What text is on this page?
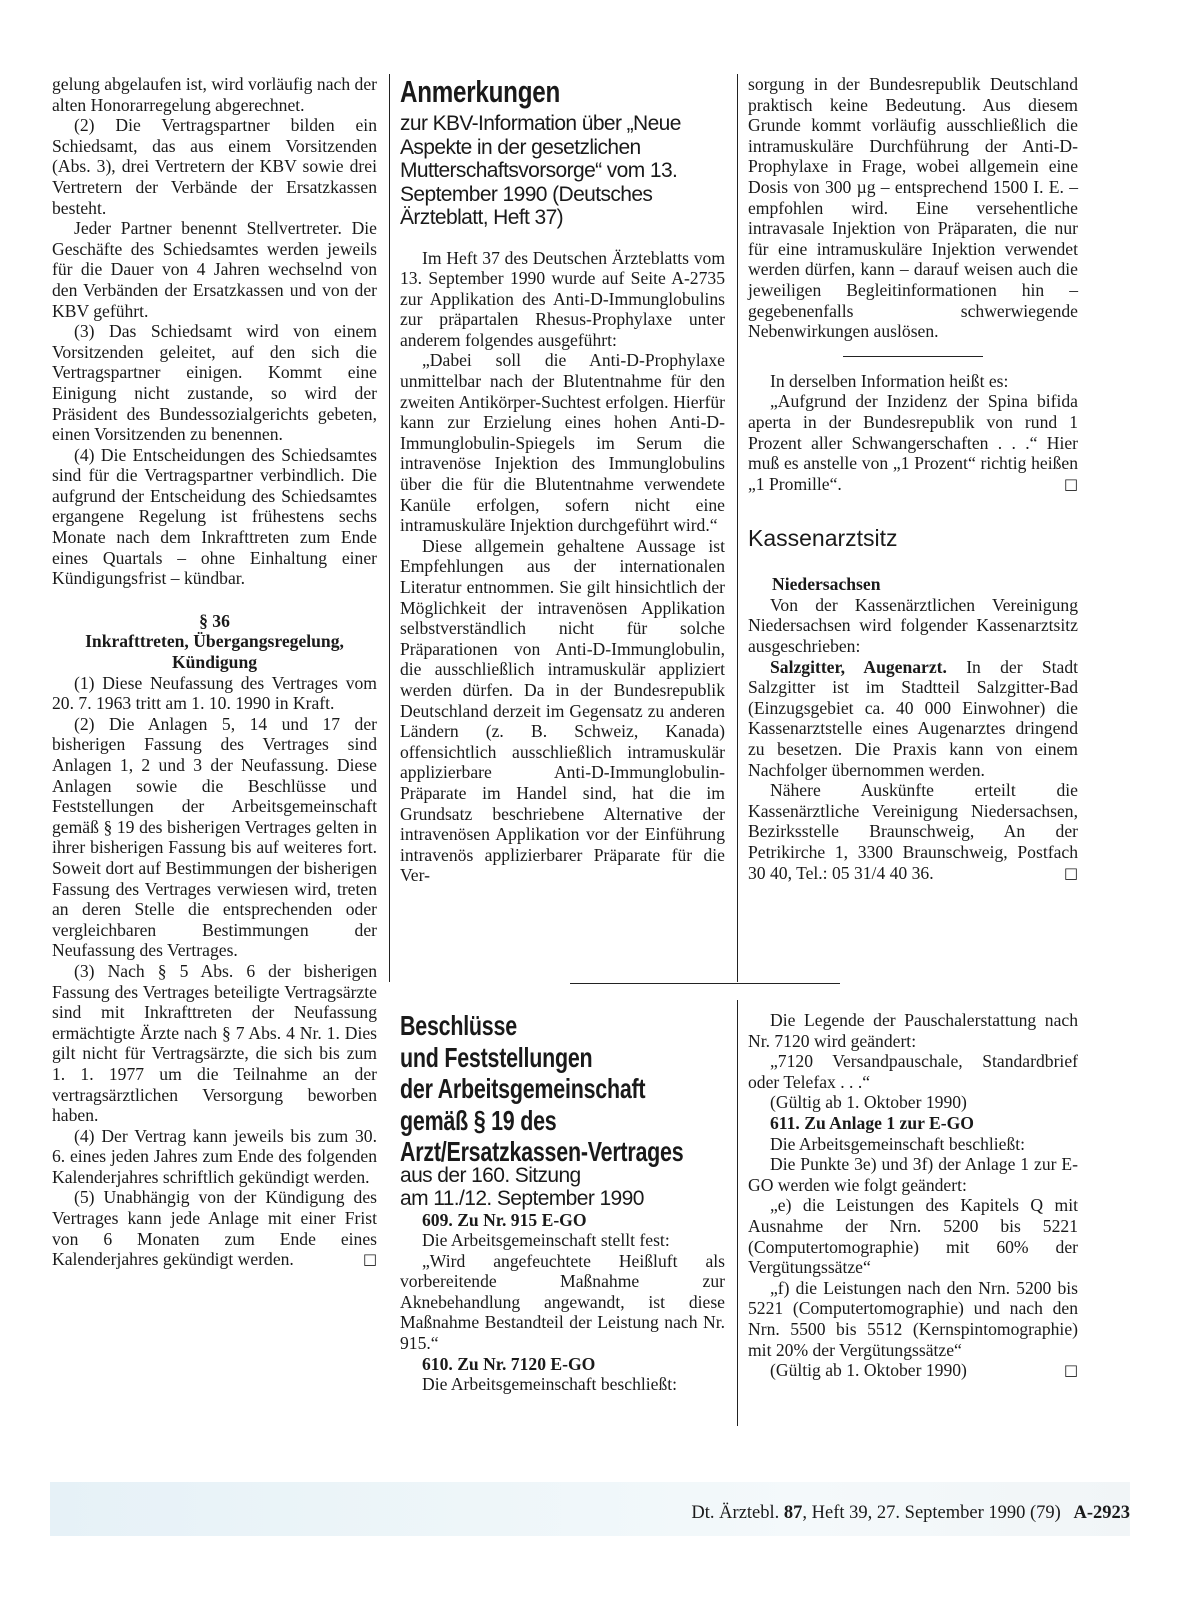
gelung abgelaufen ist, wird vorläufig nach der alten Honorarregelung abgerechnet.

(2) Die Vertragspartner bilden ein Schiedsamt, das aus einem Vorsitzenden (Abs. 3), drei Vertretern der KBV sowie drei Vertretern der Verbände der Ersatzkassen besteht.

Jeder Partner benennt Stellvertreter. Die Geschäfte des Schiedsamtes werden jeweils für die Dauer von 4 Jahren wechselnd von den Verbänden der Ersatzkassen und von der KBV geführt.

(3) Das Schiedsamt wird von einem Vorsitzenden geleitet, auf den sich die Vertragspartner einigen. Kommt eine Einigung nicht zustande, so wird der Präsident des Bundessozialgerichts gebeten, einen Vorsitzenden zu benennen.

(4) Die Entscheidungen des Schiedsamtes sind für die Vertragspartner verbindlich. Die aufgrund der Entscheidung des Schiedsamtes ergangene Regelung ist frühestens sechs Monate nach dem Inkrafttreten zum Ende eines Quartals – ohne Einhaltung einer Kündigungsfrist – kündbar.

§ 36

Inkrafttreten, Übergangsregelung, Kündigung

(1) Diese Neufassung des Vertrages vom 20. 7. 1963 tritt am 1. 10. 1990 in Kraft.

(2) Die Anlagen 5, 14 und 17 der bisherigen Fassung des Vertrages sind Anlagen 1, 2 und 3 der Neufassung. Diese Anlagen sowie die Beschlüsse und Feststellungen der Arbeitsgemeinschaft gemäß § 19 des bisherigen Vertrages gelten in ihrer bisherigen Fassung bis auf weiteres fort. Soweit dort auf Bestimmungen der bisherigen Fassung des Vertrages verwiesen wird, treten an deren Stelle die entsprechenden oder vergleichbaren Bestimmungen der Neufassung des Vertrages.

(3) Nach § 5 Abs. 6 der bisherigen Fassung des Vertrages beteiligte Vertragsärzte sind mit Inkrafttreten der Neufassung ermächtigte Ärzte nach § 7 Abs. 4 Nr. 1. Dies gilt nicht für Vertragsärzte, die sich bis zum 1. 1. 1977 um die Teilnahme an der vertragsärztlichen Versorgung beworben haben.

(4) Der Vertrag kann jeweils bis zum 30. 6. eines jeden Jahres zum Ende des folgenden Kalenderjahres schriftlich gekündigt werden.

(5) Unabhängig von der Kündigung des Vertrages kann jede Anlage mit einer Frist von 6 Monaten zum Ende eines Kalenderjahres gekündigt werden.	□

Anmerkungen
zur KBV-Information über „Neue Aspekte in der gesetzlichen Mutterschaftsvorsorge“ vom 13. September 1990 (Deutsches Ärzteblatt, Heft 37)

Im Heft 37 des Deutschen Ärzteblatts vom 13. September 1990 wurde auf Seite A-2735 zur Applikation des Anti-D-Immunglobulins zur präpartalen Rhesus-Prophylaxe unter anderem folgendes ausgeführt:

„Dabei soll die Anti-D-Prophylaxe unmittelbar nach der Blutentnahme für den zweiten Antikörper-Suchtest erfolgen. Hierfür kann zur Erzielung eines hohen Anti-D-Immunglobulin-Spiegels im Serum die intravenöse Injektion des Immunglobulins über die für die Blutentnahme verwendete Kanüle erfolgen, sofern nicht eine intramuskuläre Injektion durchgeführt wird.“

Diese allgemein gehaltene Aussage ist Empfehlungen aus der internationalen Literatur entnommen. Sie gilt hinsichtlich der Möglichkeit der intravenösen Applikation selbstverständlich nicht für solche Präparationen von Anti-D-Immunglobulin, die ausschließlich intramuskulär appliziert werden dürfen. Da in der Bundesrepublik Deutschland derzeit im Gegensatz zu anderen Ländern (z. B. Schweiz, Kanada) offensichtlich ausschließlich intramuskulär applizierbare Anti-D-Immunglobulin-Präparate im Handel sind, hat die im Grundsatz beschriebene Alternative der intravenösen Applikation vor der Einführung intravenös applizierbarer Präparate für die Ver-

sorgung in der Bundesrepublik Deutschland praktisch keine Bedeutung. Aus diesem Grunde kommt vorläufig ausschließlich die intramuskuläre Durchführung der Anti-D-Prophylaxe in Frage, wobei allgemein eine Dosis von 300 µg – entsprechend 1500 I. E. – empfohlen wird. Eine versehentliche intravasale Injektion von Präparaten, die nur für eine intramuskuläre Injektion verwendet werden dürfen, kann – darauf weisen auch die jeweiligen Begleitinformationen hin – gegebenenfalls schwerwiegende Nebenwirkungen auslösen.

In derselben Information heißt es:

„Aufgrund der Inzidenz der Spina bifida aperta in der Bundesrepublik von rund 1 Prozent aller Schwangerschaften . . .“ Hier muß es anstelle von „1 Prozent“ richtig heißen „1 Promille“.	□

Kassenarztsitz

Niedersachsen

Von der Kassenärztlichen Vereinigung Niedersachsen wird folgender Kassenarztsitz ausgeschrieben:

Salzgitter, Augenarzt. In der Stadt Salzgitter ist im Stadtteil Salzgitter-Bad (Einzugsgebiet ca. 40 000 Einwohner) die Kassenarztstelle eines Augenarztes dringend zu besetzen. Die Praxis kann von einem Nachfolger übernommen werden.

Nähere Auskünfte erteilt die Kassenärztliche Vereinigung Niedersachsen, Bezirksstelle Braunschweig, An der Petrikirche 1, 3300 Braunschweig, Postfach 30 40, Tel.: 05 31/4 40 36.	□

Beschlüsse
und Feststellungen
der Arbeitsgemeinschaft
gemäß § 19 des
Arzt/Ersatzkassen-Vertrages
aus der 160. Sitzung
am 11./12. September 1990

609. Zu Nr. 915 E-GO

Die Arbeitsgemeinschaft stellt fest:

„Wird angefeuchtete Heißluft als vorbereitende Maßnahme zur Aknebehandlung angewandt, ist diese Maßnahme Bestandteil der Leistung nach Nr. 915.“

610. Zu Nr. 7120 E-GO

Die Arbeitsgemeinschaft beschließt:

Die Legende der Pauschalerstattung nach Nr. 7120 wird geändert:

„7120 Versandpauschale, Standardbrief oder Telefax . . .“

(Gültig ab 1. Oktober 1990)

611. Zu Anlage 1 zur E-GO

Die Arbeitsgemeinschaft beschließt:

Die Punkte 3e) und 3f) der Anlage 1 zur E-GO werden wie folgt geändert:

„e) die Leistungen des Kapitels Q mit Ausnahme der Nrn. 5200 bis 5221 (Computertomographie) mit 60% der Vergütungssätze“

„f) die Leistungen nach den Nrn. 5200 bis 5221 (Computertomographie) und nach den Nrn. 5500 bis 5512 (Kernspintomographie) mit 20% der Vergütungssätze“

(Gültig ab 1. Oktober 1990)	□

Dt. Ärztebl. 87, Heft 39, 27. September 1990 (79) A-2923
